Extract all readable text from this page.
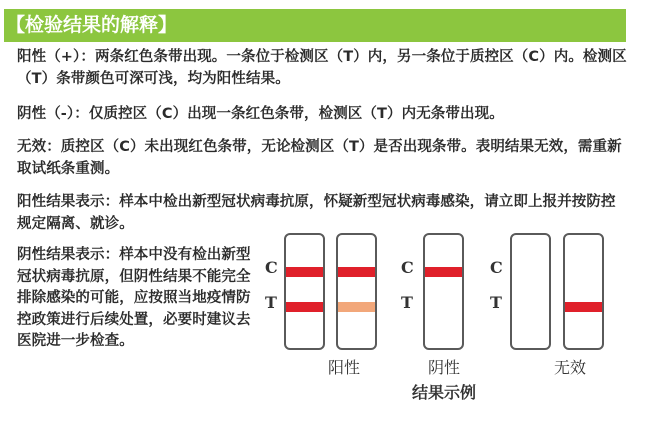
【检验结果的解释】
阳性（+）：两条红色条带出现。一条位于检测区（T）内，另一条位于质控区（C）内。检测区（T）条带颜色可深可浅，均为阳性结果。
阴性（-）：仅质控区（C）出现一条红色条带，检测区（T）内无条带出现。
无效：质控区（C）未出现红色条带，无论检测区（T）是否出现条带。表明结果无效，需重新取试纸条重测。
阳性结果表示：样本中检出新型冠状病毒抗原，怀疑新型冠状病毒感染，请立即上报并按防控规定隔离、就诊。
阴性结果表示：样本中没有检出新型冠状病毒抗原，但阴性结果不能完全排除感染的可能，应按照当地疫情防控政策进行后续处置，必要时建议去医院进一步检查。
C
T
C
T
C
T
阳性	阴性	无效
结果示例
